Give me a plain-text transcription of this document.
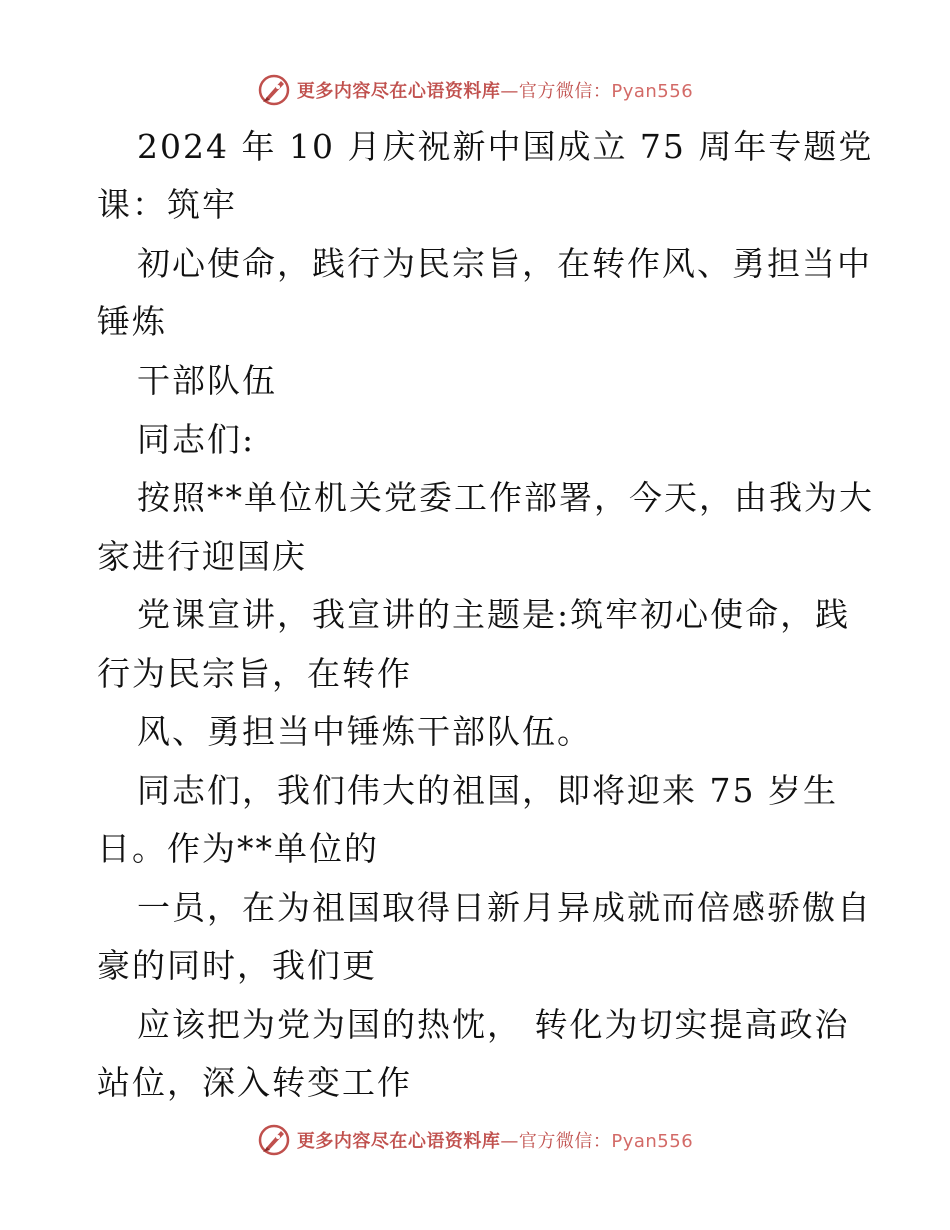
更多内容尽在心语资料库—官方微信：Pyan556
2024 年 10 月庆祝新中国成立 75 周年专题党
课：筑牢
初心使命，践行为民宗旨，在转作风、勇担当中
锤炼
干部队伍
同志们:
按照**单位机关党委工作部署，今天，由我为大
家进行迎国庆
党课宣讲，我宣讲的主题是:筑牢初心使命，践
行为民宗旨，在转作
风、勇担当中锤炼干部队伍。
同志们，我们伟大的祖国，即将迎来 75 岁生
日。作为**单位的
一员，在为祖国取得日新月异成就而倍感骄傲自
豪的同时，我们更
应该把为党为国的热忱， 转化为切实提高政治
站位，深入转变工作
更多内容尽在心语资料库—官方微信：Pyan556
